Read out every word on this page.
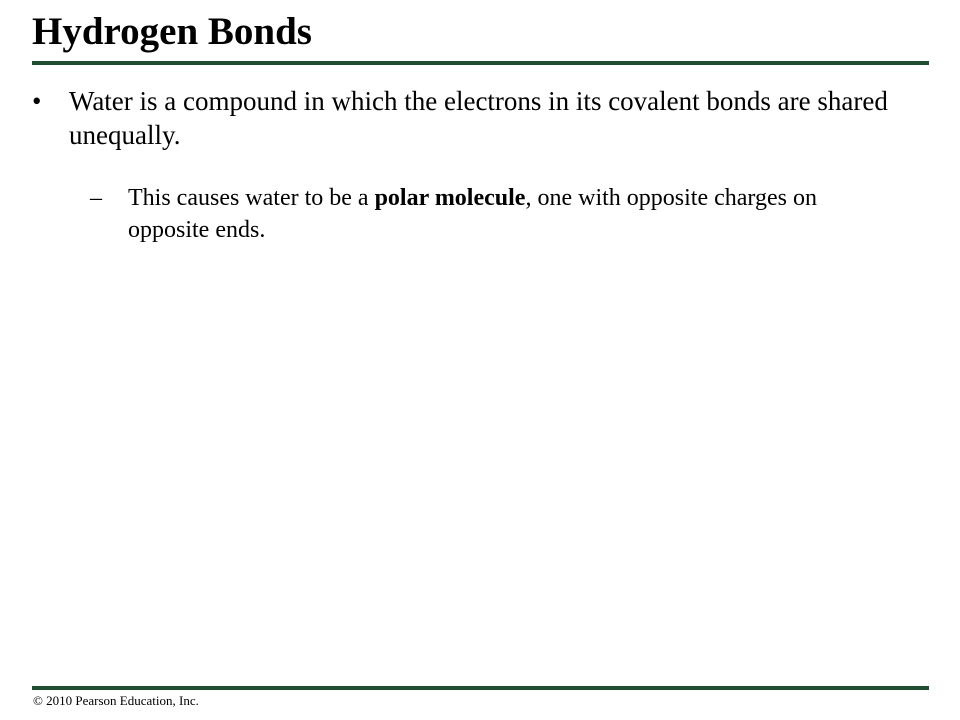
Hydrogen Bonds
• Water is a compound in which the electrons in its covalent bonds are shared unequally.
– This causes water to be a polar molecule, one with opposite charges on opposite ends.
© 2010 Pearson Education, Inc.
